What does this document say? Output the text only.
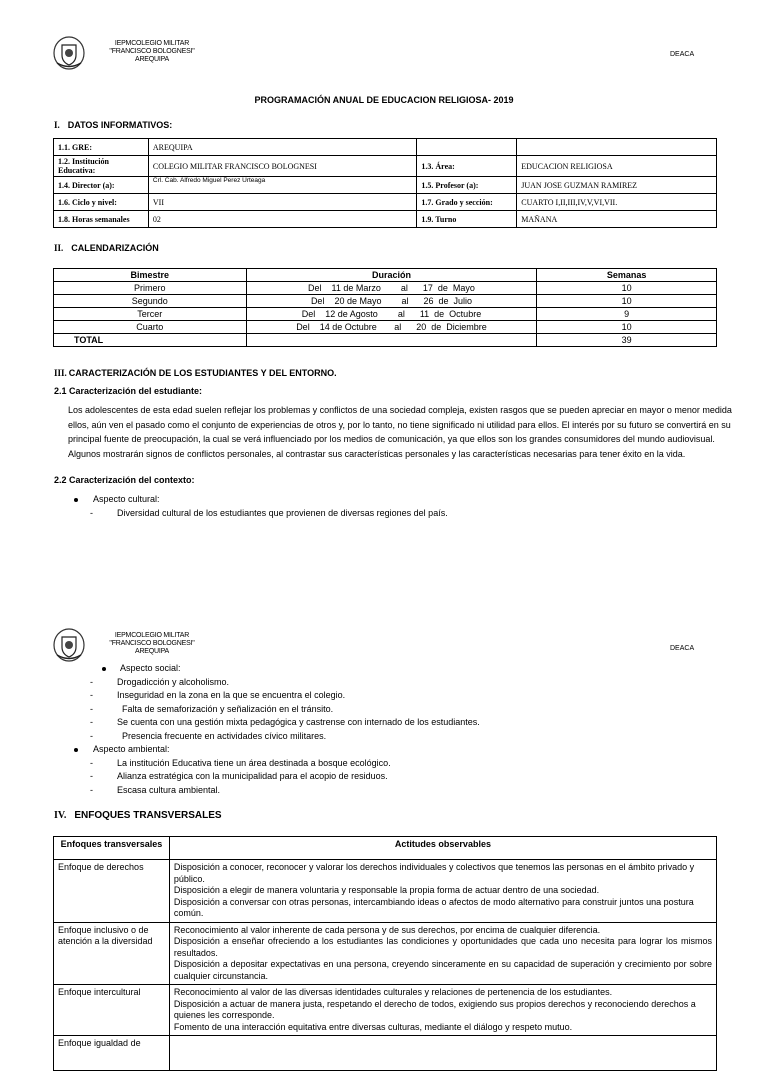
IEPMCOLEGIO MILITAR
"FRANCISCO BOLOGNESI"
AREQUIPA
DEACA
PROGRAMACIÓN ANUAL DE EDUCACION RELIGIOSA- 2019
I. DATOS INFORMATIVOS:
1.1. GRE:	AREQUIPA		
1.2. Institución Educativa:	COLEGIO MILITAR FRANCISCO BOLOGNESI	1.3. Área:	EDUCACION RELIGIOSA
1.4. Director (a):	Crl. Cab. Alfredo Miguel Perez Urteaga	1.5. Profesor (a):	JUAN JOSE GUZMAN RAMIREZ
1.6. Ciclo y nivel:	VII	1.7. Grado y sección:	CUARTO I,II,III,IV,V,VI,VII.
1.8. Horas semanales	02	1.9. Turno	MAÑANA
II. CALENDARIZACIÓN
Bimestre	Duración	Semanas
Primero	Del    11 de Marzo        al      17  de  Mayo	10
Segundo	Del    20 de Mayo        al      26  de  Julio	10
Tercer	Del    12 de Agosto        al      11  de  Octubre	9
Cuarto	Del    14 de Octubre       al      20  de  Diciembre	10
TOTAL		39
III. CARACTERIZACIÓN DE LOS ESTUDIANTES Y DEL ENTORNO.
2.1 Caracterización del estudiante:
Los adolescentes de esta edad suelen reflejar los problemas y conflictos de una sociedad compleja, existen rasgos que se pueden apreciar en mayor o menor medida
ellos, aún ven el pasado como el conjunto de experiencias de otros y, por lo tanto, no tiene significado ni utilidad para ellos. El interés por su futuro se convertirá en su
principal fuente de preocupación, la cual se verá influenciado por los medios de comunicación, ya que ellos son los grandes consumidores del mundo audiovisual.
Algunos mostrarán signos de conflictos personales, al contrastar sus características personales y las características necesarias para tener éxito en la vida.
2.2 Caracterización del contexto:
Aspecto cultural:
-	Diversidad cultural de los estudiantes que provienen de diversas regiones del país.
IEPMCOLEGIO MILITAR
"FRANCISCO BOLOGNESI"
AREQUIPA	DEACA
Aspecto social:
-	Drogadicción y alcoholismo.
-	Inseguridad en la zona en la que se encuentra el colegio.
-	Falta de semaforización y señalización en el tránsito.
-	Se cuenta con una gestión mixta pedagógica y castrense con internado de los estudiantes.
-	Presencia frecuente en actividades cívico militares.
Aspecto ambiental:
-	La institución Educativa tiene un área destinada a bosque ecológico.
-	Alianza estratégica con la municipalidad para el acopio de residuos.
-	Escasa cultura ambiental.
IV. ENFOQUES TRANSVERSALES
Enfoques transversales	Actitudes observables
Enfoque de derechos	Disposición a conocer, reconocer y valorar los derechos individuales y colectivos que tenemos las personas en el ámbito privado y público.
Disposición a elegir de manera voluntaria y responsable la propia forma de actuar dentro de una sociedad.
Disposición a conversar con otras personas, intercambiando ideas o afectos de modo alternativo para construir juntos una postura común.

Enfoque inclusivo o de atención a la diversidad	Reconocimiento al valor inherente de cada persona y de sus derechos, por encima de cualquier diferencia.
Disposición a enseñar ofreciendo a los estudiantes las condiciones y oportunidades que cada uno necesita para lograr los mismos resultados.
Disposición a depositar expectativas en una persona, creyendo sinceramente en su capacidad de superación y crecimiento por sobre cualquier circunstancia.

Enfoque intercultural	Reconocimiento al valor de las diversas identidades culturales y relaciones de pertenencia de los estudiantes.
Disposición a actuar de manera justa, respetando el derecho de todos, exigiendo sus propios derechos y reconociendo derechos a quienes les corresponde.
Fomento de una interacción equitativa entre diversas culturas, mediante el diálogo y respeto mutuo.

Enfoque igualdad de	
